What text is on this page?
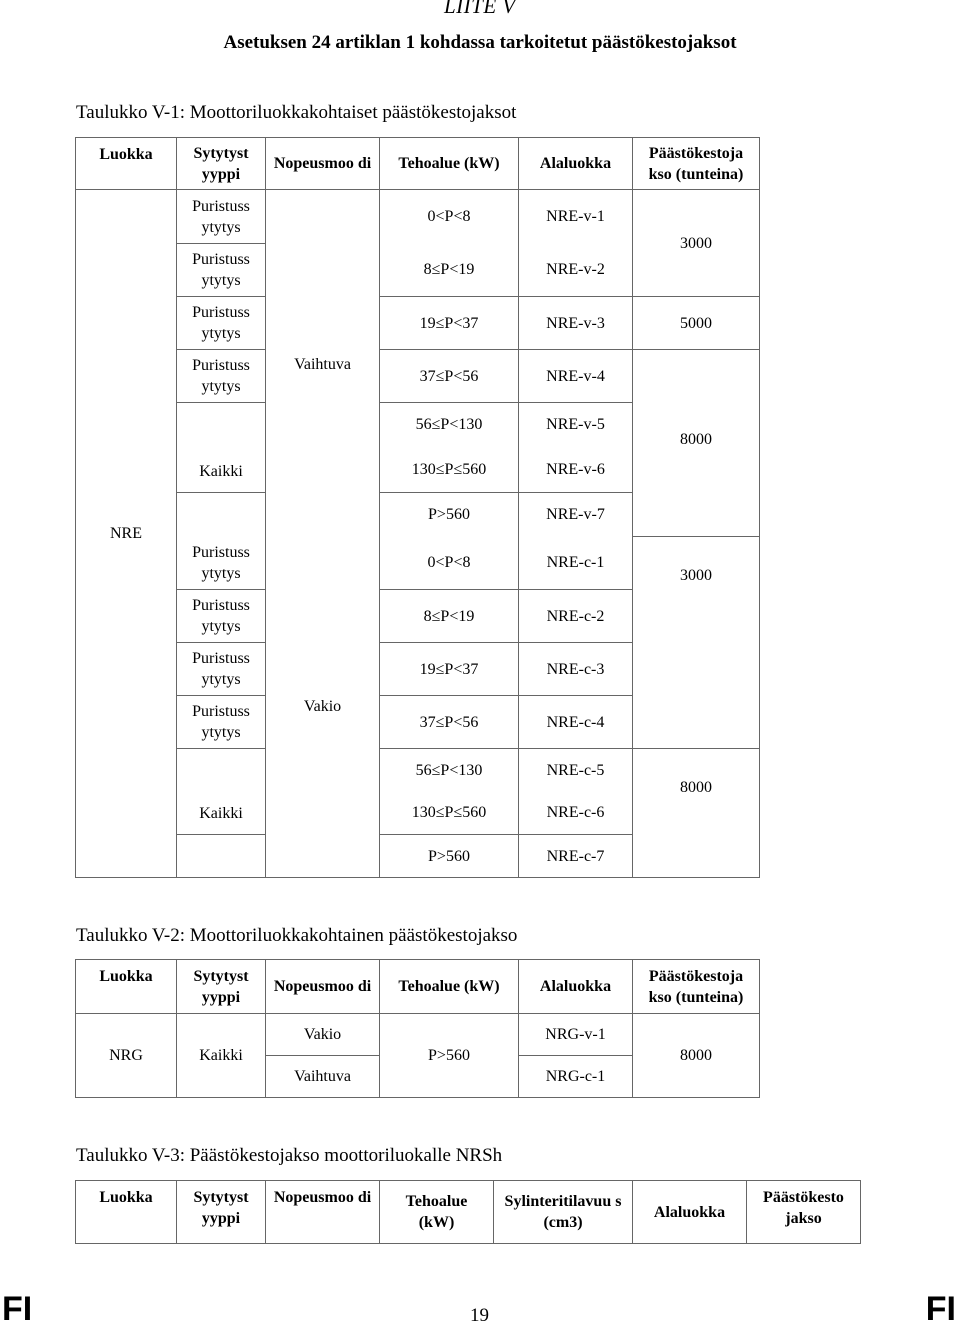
LIITE V
Asetuksen 24 artiklan 1 kohdassa tarkoitetut päästökestojaksot
Taulukko V-1: Moottoriluokkakohtaiset päästökestojaksot
Luokka	Sytytyst yyppi	Nopeusmoo di	Tehoalue (kW)	Alaluokka	Päästökestoja kso (tunteina)
NRE	Puristuss ytytys		0<P<8	NRE-v-1	3000
	Puristuss ytytys		8≤P<19	NRE-v-2	
	Puristuss ytytys		19≤P<37	NRE-v-3	5000
	Puristuss ytytys	Vaihtuva	37≤P<56	NRE-v-4	8000
	Kaikki		56≤P<130	NRE-v-5	
			130≤P≤560	NRE-v-6	
			P>560	NRE-v-7	
	Puristuss ytytys		0<P<8	NRE-c-1	3000
	Puristuss ytytys		8≤P<19	NRE-c-2	
	Puristuss ytytys		19≤P<37	NRE-c-3	
	Puristuss ytytys	Vakio	37≤P<56	NRE-c-4	
	Kaikki		56≤P<130	NRE-c-5	8000
			130≤P≤560	NRE-c-6	
			P>560	NRE-c-7	
Taulukko V-2: Moottoriluokkakohtainen päästökestojakso
Luokka	Sytytyst yyppi	Nopeusmoo di	Tehoalue (kW)	Alaluokka	Päästökestoja kso (tunteina)
NRG	Kaikki	Vakio	P>560	NRG-v-1	8000
		Vaihtuva		NRG-c-1	
Taulukko V-3: Päästökestojakso moottoriluokalle NRSh
Luokka	Sytytyst yyppi	Nopeusmoo di	Tehoalue (kW)	Sylinteritilavuu s (cm3)	Alaluokka	Päästökesto jakso
FI	19	FI
